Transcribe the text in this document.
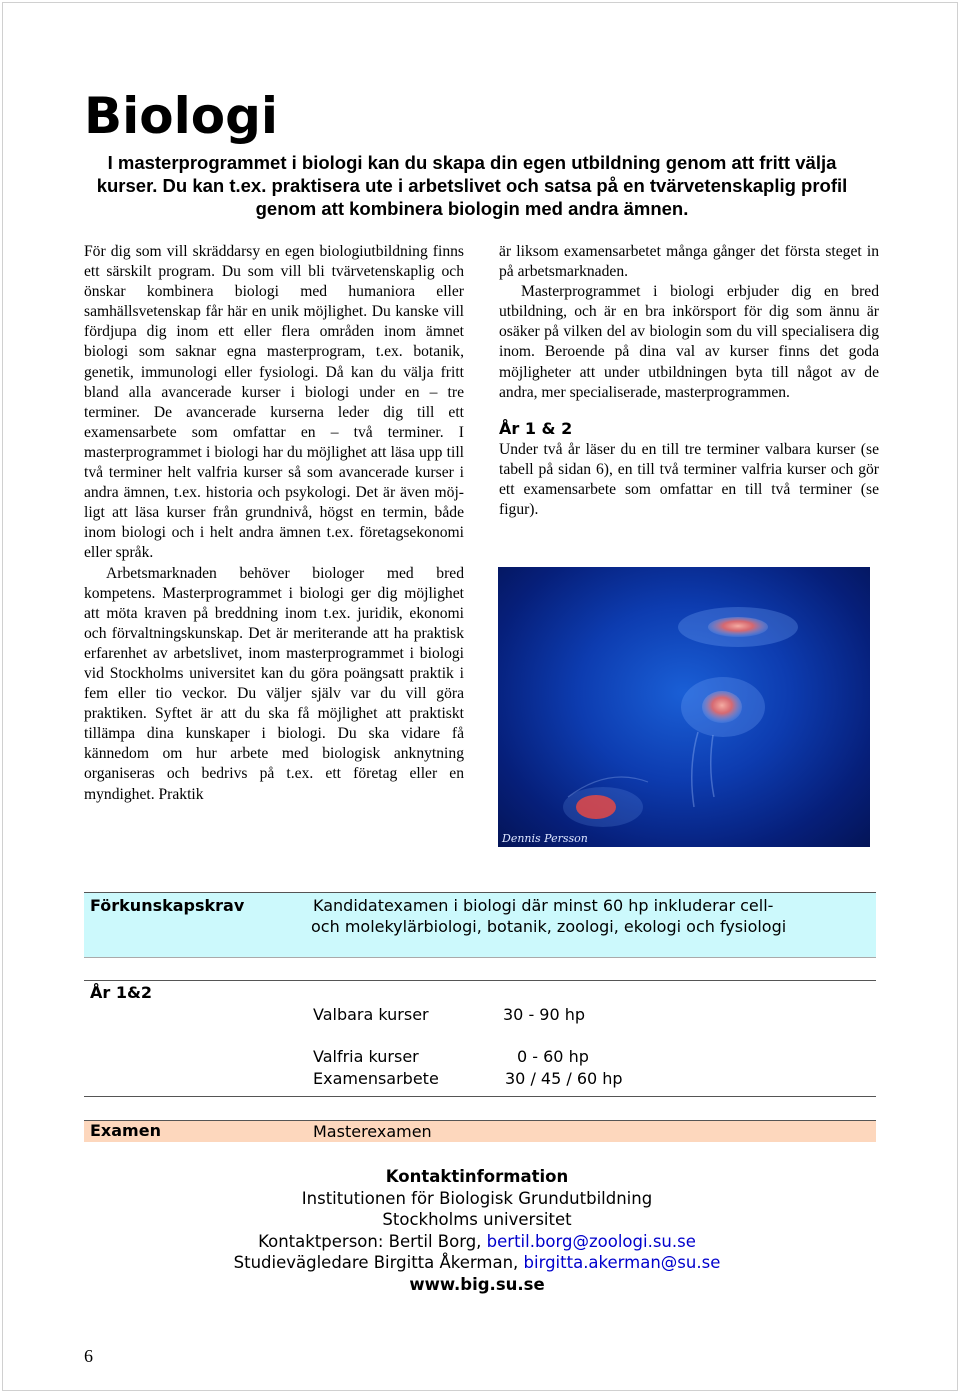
Biologi

I masterprogrammet i biologi kan du skapa din egen utbildning genom att fritt välja kurser. Du kan t.ex. praktisera ute i arbetslivet och satsa på en tvärvetenskaplig profil genom att kombinera biologin med andra ämnen.

För dig som vill skräddarsy en egen biologiutbildning finns ett särskilt program. Du som vill bli tvärvetenskaplig och önskar kombinera biologi med humaniora eller samhällsvetenskap får här en unik möjlighet. Du kanske vill fördjupa dig inom ett eller flera områden inom ämnet biologi som saknar egna masterprogram, t.ex. botanik, genetik, immunologi eller fysiologi. Då kan du välja fritt bland alla avancerade kurser i biologi under en – tre terminer. De avancerade kurserna leder dig till ett examensarbete som omfattar en – två terminer. I masterprogrammet i biologi har du möjlighet att läsa upp till två terminer helt valfria kurser så som avancerade kurser i andra ämnen, t.ex. historia och psykologi. Det är även möjligt att läsa kurser från grundnivå, högst en termin, både inom biologi och i helt andra ämnen t.ex. företagsekonomi eller språk.

Arbetsmarknaden behöver biologer med bred kompetens. Masterprogrammet i biologi ger dig möjlighet att möta kraven på breddning inom t.ex. juridik, ekonomi och förvaltningskunskap. Det är meriterande att ha praktisk erfarenhet av arbetslivet, inom masterprogrammet i biologi vid Stockholms universitet kan du göra poängsatt praktik i fem eller tio veckor. Du väljer själv var du vill göra praktiken. Syftet är att du ska få möjlighet att praktiskt tillämpa dina kunskaper i biologi. Du ska vidare få kännedom om hur arbete med biologisk anknytning organiseras och bedrivs på t.ex. ett företag eller en myndighet. Praktik

är liksom examensarbetet många gånger det första steget in på arbetsmarknaden.

Masterprogrammet i biologi erbjuder dig en bred utbildning, och är en bra inkörsport för dig som ännu är osäker på vilken del av biologin som du vill specialisera dig inom. Beroende på dina val av kurser finns det goda möjligheter att under utbildningen byta till något av de andra, mer specialiserade, masterprogrammen.

År 1 & 2

Under två år läser du en till tre terminer valbara kurser (se tabell på sidan 6), en till två terminer valfria kurser och gör ett examensarbete som omfattar en till två terminer (se figur).

Dennis Persson
Förkunskapskrav	Kandidatexamen i biologi där minst 60 hp inkluderar cell-
och molekylärbiologi, botanik, zoologi, ekologi och fysiologi
År 1&2
Valbara kurser	30 - 90 hp
Valfria kurser	0 - 60 hp
Examensarbete	30 / 45 / 60 hp
Examen	Masterexamen
Kontaktinformation
Institutionen för Biologisk Grundutbildning
Stockholms universitet
Kontaktperson: Bertil Borg, bertil.borg@zoologi.su.se
Studievägledare Birgitta Åkerman, birgitta.akerman@su.se
www.big.su.se
6
